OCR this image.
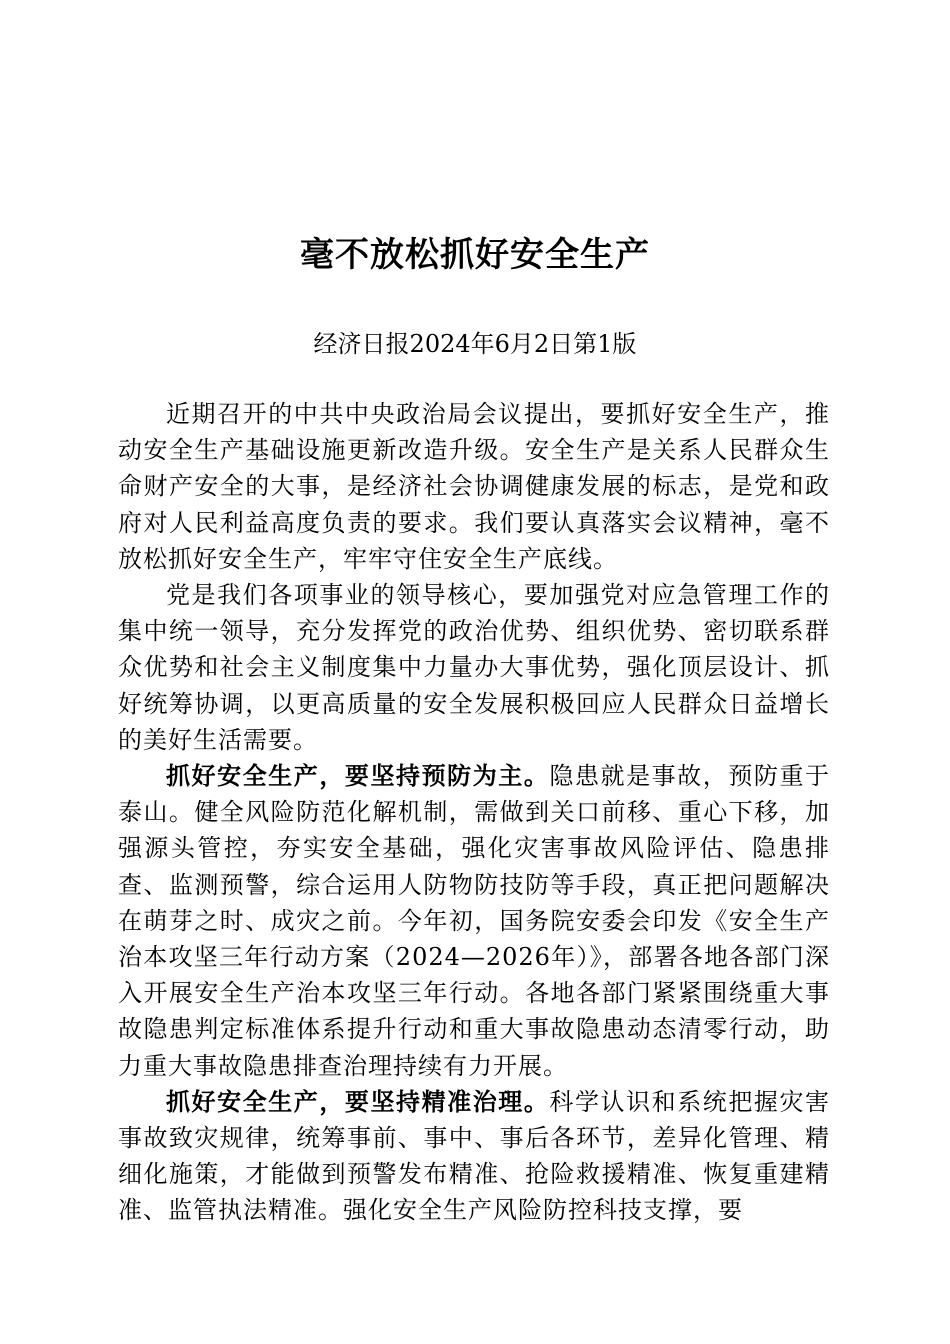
毫不放松抓好安全生产

经济日报2024年6月2日第1版

近期召开的中共中央政治局会议提出，要抓好安全生产，推动安全生产基础设施更新改造升级。安全生产是关系人民群众生命财产安全的大事，是经济社会协调健康发展的标志，是党和政府对人民利益高度负责的要求。我们要认真落实会议精神，毫不放松抓好安全生产，牢牢守住安全生产底线。

党是我们各项事业的领导核心，要加强党对应急管理工作的集中统一领导，充分发挥党的政治优势、组织优势、密切联系群众优势和社会主义制度集中力量办大事优势，强化顶层设计、抓好统筹协调，以更高质量的安全发展积极回应人民群众日益增长的美好生活需要。

抓好安全生产，要坚持预防为主。隐患就是事故，预防重于泰山。健全风险防范化解机制，需做到关口前移、重心下移，加强源头管控，夯实安全基础，强化灾害事故风险评估、隐患排查、监测预警，综合运用人防物防技防等手段，真正把问题解决在萌芽之时、成灾之前。今年初，国务院安委会印发《安全生产治本攻坚三年行动方案（2024—2026年）》，部署各地各部门深入开展安全生产治本攻坚三年行动。各地各部门紧紧围绕重大事故隐患判定标准体系提升行动和重大事故隐患动态清零行动，助力重大事故隐患排查治理持续有力开展。

抓好安全生产，要坚持精准治理。科学认识和系统把握灾害事故致灾规律，统筹事前、事中、事后各环节，差异化管理、精细化施策，才能做到预警发布精准、抢险救援精准、恢复重建精准、监管执法精准。强化安全生产风险防控科技支撑，要
